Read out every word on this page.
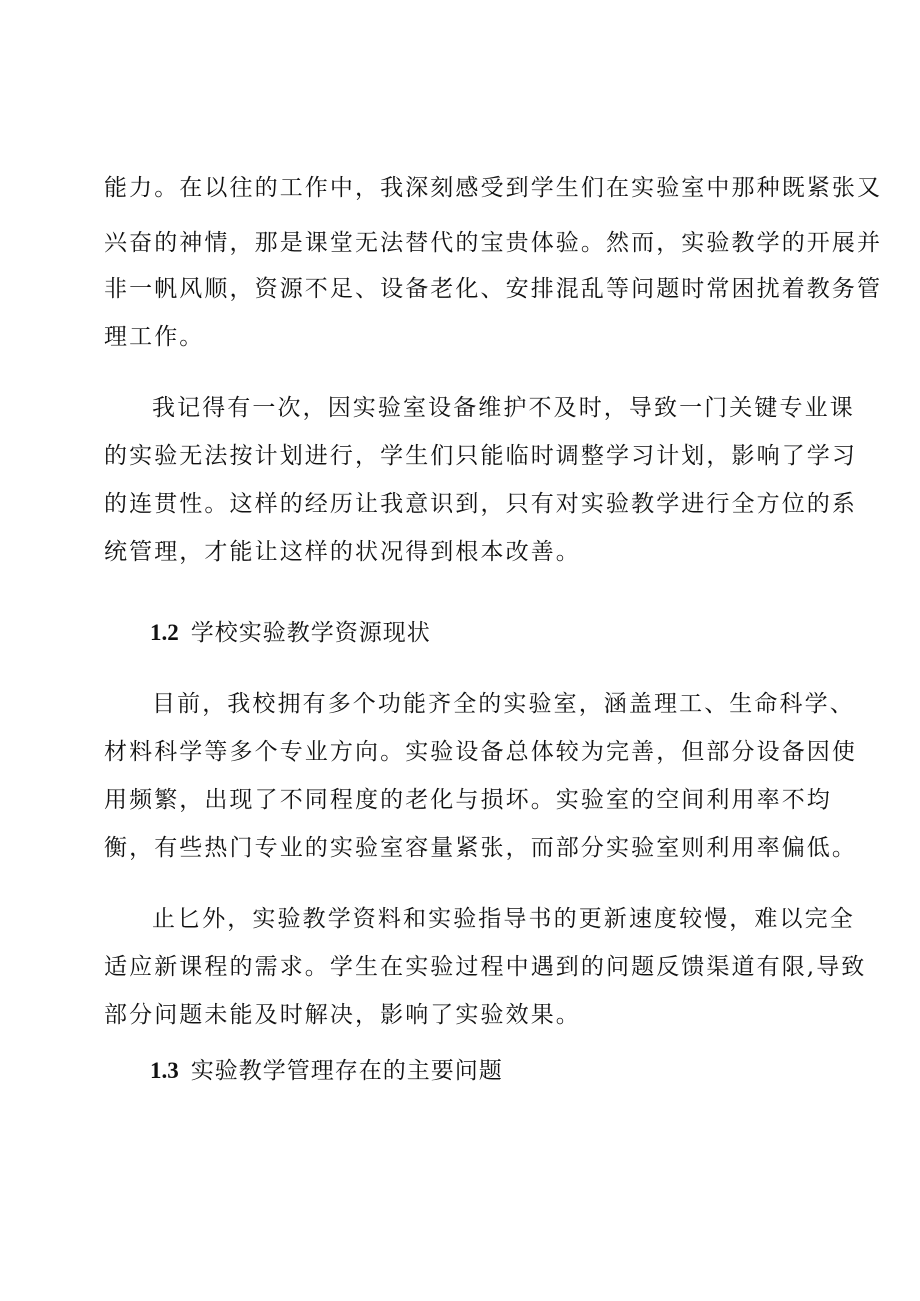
能力。在以往的工作中，我深刻感受到学生们在实验室中那种既紧张又

兴奋的神情，那是课堂无法替代的宝贵体验。然而，实验教学的开展并

非一帆风顺，资源不足、设备老化、安排混乱等问题时常困扰着教务管

理工作。

我记得有一次，因实验室设备维护不及时，导致一门关键专业课

的实验无法按计划进行，学生们只能临时调整学习计划，影响了学习

的连贯性。这样的经历让我意识到，只有对实验教学进行全方位的系

统管理，才能让这样的状况得到根本改善。

1.2 学校实验教学资源现状

目前，我校拥有多个功能齐全的实验室，涵盖理工、生命科学、

材料科学等多个专业方向。实验设备总体较为完善，但部分设备因使

用频繁，出现了不同程度的老化与损坏。实验室的空间利用率不均

衡，有些热门专业的实验室容量紧张，而部分实验室则利用率偏低。

止匕外，实验教学资料和实验指导书的更新速度较慢，难以完全

适应新课程的需求。学生在实验过程中遇到的问题反馈渠道有限,导致

部分问题未能及时解决，影响了实验效果。

1.3 实验教学管理存在的主要问题
